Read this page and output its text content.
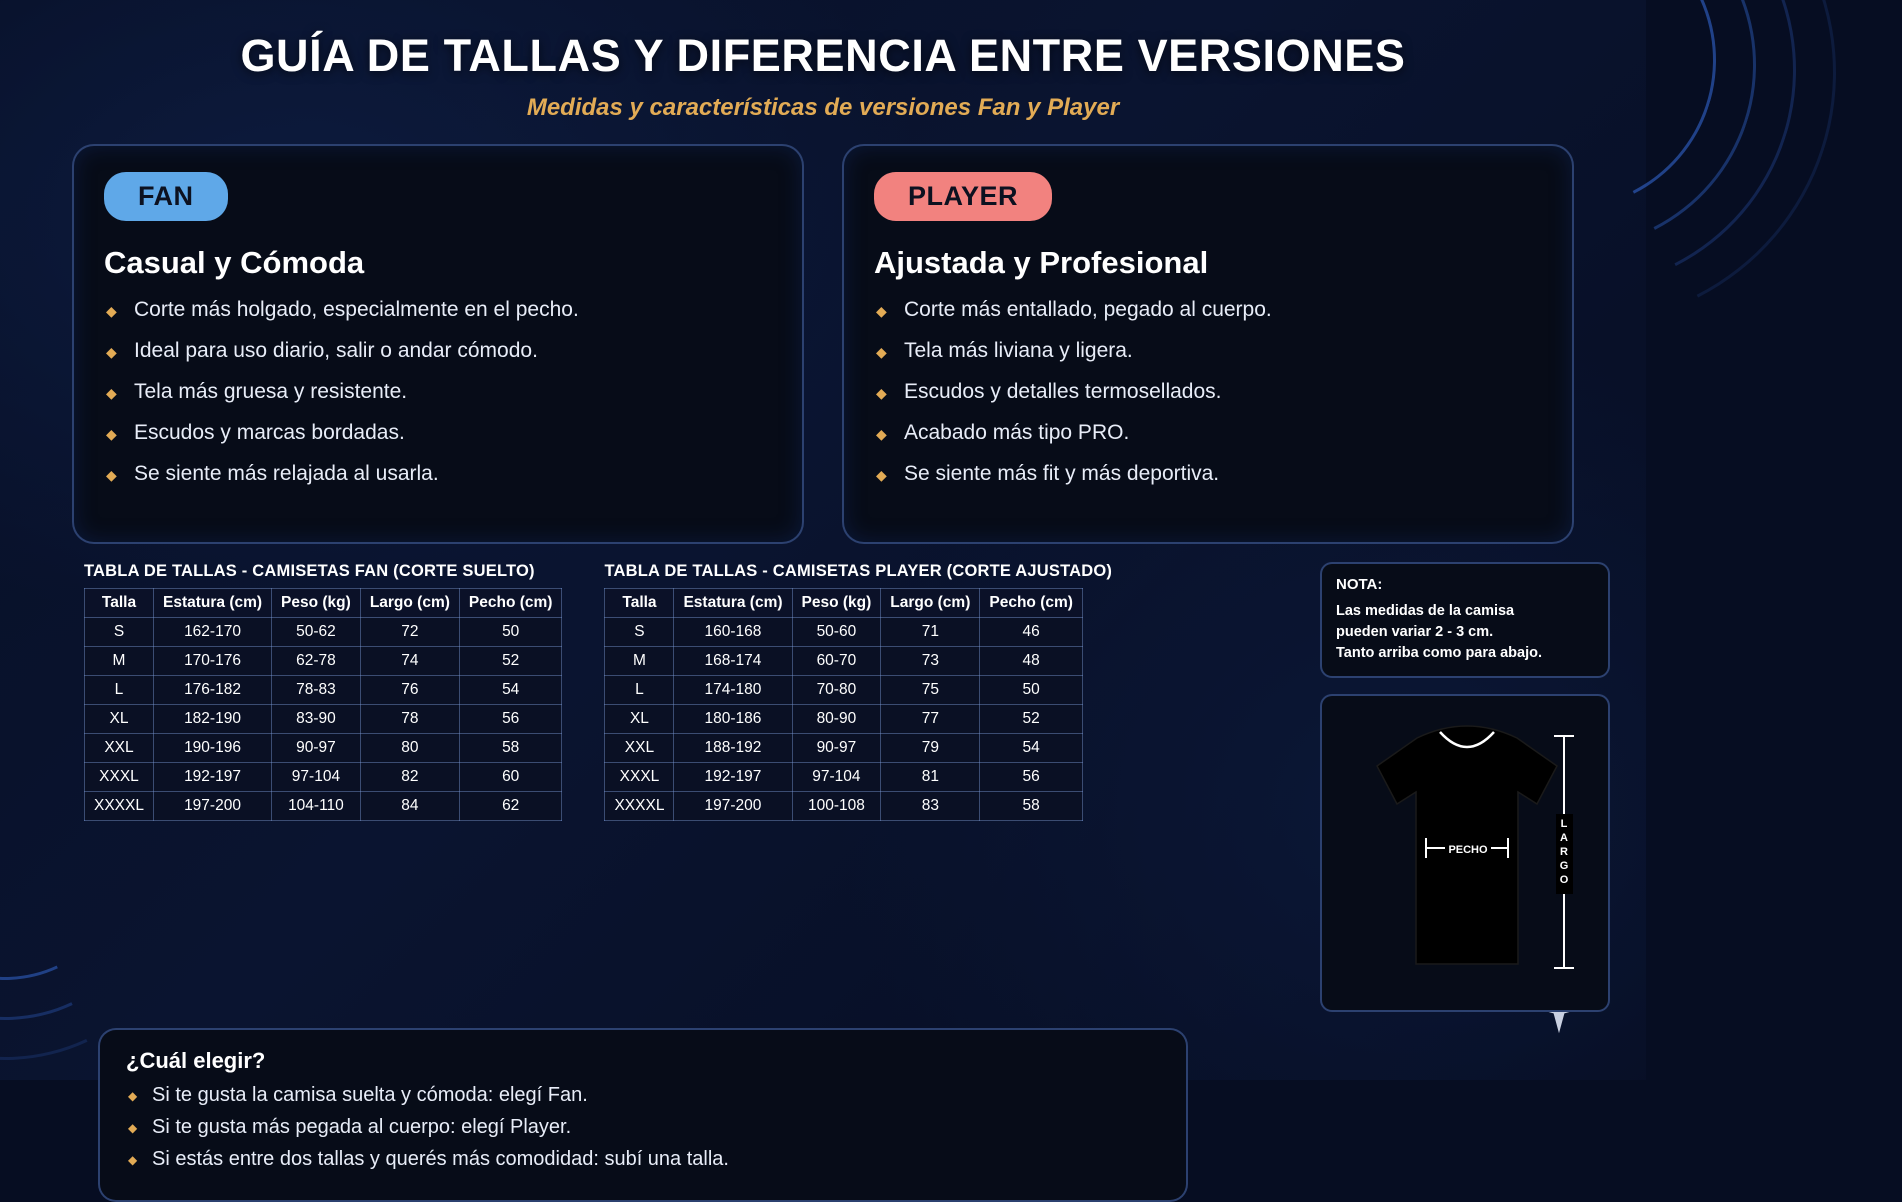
GUÍA DE TALLAS Y DIFERENCIA ENTRE VERSIONES
Medidas y características de versiones Fan y Player
FAN
Casual y Cómoda
◆ Corte más holgado, especialmente en el pecho.
◆ Ideal para uso diario, salir o andar cómodo.
◆ Tela más gruesa y resistente.
◆ Escudos y marcas bordadas.
◆ Se siente más relajada al usarla.
PLAYER
Ajustada y Profesional
◆ Corte más entallado, pegado al cuerpo.
◆ Tela más liviana y ligera.
◆ Escudos y detalles termosellados.
◆ Acabado más tipo PRO.
◆ Se siente más fit y más deportiva.
TABLA DE TALLAS - CAMISETAS FAN (CORTE SUELTO)
Talla	Estatura (cm)	Peso (kg)	Largo (cm)	Pecho (cm)
S	162-170	50-62	72	50
M	170-176	62-78	74	52
L	176-182	78-83	76	54
XL	182-190	83-90	78	56
XXL	190-196	90-97	80	58
XXXL	192-197	97-104	82	60
XXXXL	197-200	104-110	84	62
TABLA DE TALLAS - CAMISETAS PLAYER (CORTE AJUSTADO)
Talla	Estatura (cm)	Peso (kg)	Largo (cm)	Pecho (cm)
S	160-168	50-60	71	46
M	168-174	60-70	73	48
L	174-180	70-80	75	50
XL	180-186	80-90	77	52
XXL	188-192	90-97	79	54
XXXL	192-197	97-104	81	56
XXXXL	197-200	100-108	83	58
NOTA:
Las medidas de la camisa
pueden variar 2 - 3 cm.
Tanto arriba como para abajo.
PECHO
L
A
R
G
O
¿Cuál elegir?
◆ Si te gusta la camisa suelta y cómoda: elegí Fan.
◆ Si te gusta más pegada al cuerpo: elegí Player.
◆ Si estás entre dos tallas y querés más comodidad: subí una talla.
